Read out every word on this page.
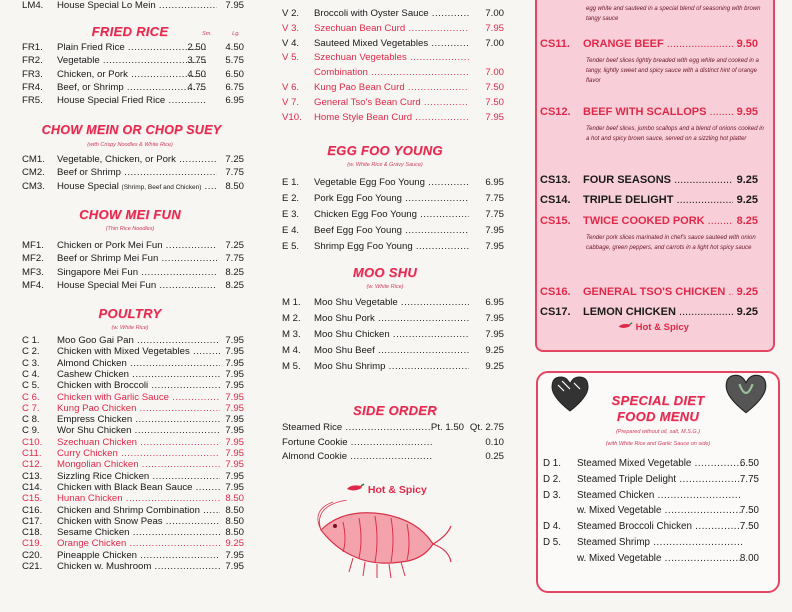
LM4. House Special Lo Mein .....	7.95
FRIED RICE	Sm.	Lg.
FR1. Plain Fried Rice .....	2.50	4.50
FR2. Vegetable .....	3.75	5.75
FR3. Chicken, or Pork .....	4.50	6.50
FR4. Beef, or Shrimp .....	4.75	6.75
FR5. House Special Fried Rice .....	6.95
CHOW MEIN OR CHOP SUEY
(with Crispy Noodles & White Rice)
CM1. Vegetable, Chicken, or Pork .....	7.25
CM2. Beef or Shrimp .....	7.75
CM3. House Special (Shrimp, Beef and Chicken) .....	8.50
CHOW MEI FUN
(Thin Rice Noodles)
MF1. Chicken or Pork Mei Fun .....	7.25
MF2. Beef or Shrimp Mei Fun .....	7.75
MF3. Singapore Mei Fun .....	8.25
MF4. House Special Mei Fun .....	8.25
POULTRY
(w. White Rice)
C 1. Moo Goo Gai Pan .....	7.95
C 2. Chicken with Mixed Vegetables .....	7.95
C 3. Almond Chicken .....	7.95
C 4. Cashew Chicken .....	7.95
C 5. Chicken with Broccoli .....	7.95
C 6. Chicken with Garlic Sauce .....	7.95
C 7. Kung Pao Chicken .....	7.95
C 8. Empress Chicken .....	7.95
C 9. Wor Shu Chicken .....	7.95
C10. Szechuan Chicken .....	7.95
C11. Curry Chicken .....	7.95
C12. Mongolian Chicken .....	7.95
C13. Sizzling Rice Chicken .....	7.95
C14. Chicken with Black Bean Sauce .....	7.95
C15. Hunan Chicken .....	8.50
C16. Chicken and Shrimp Combination .....	8.50
C17. Chicken with Snow Peas .....	8.50
C18. Sesame Chicken .....	8.50
C19. Orange Chicken .....	9.25
C20. Pineapple Chicken .....	7.95
C21. Chicken w. Mushroom .....	7.95
V 2. Broccoli with Oyster Sauce .....	7.00
V 3. Szechuan Bean Curd .....	7.95
V 4. Sauteed Mixed Vegetables .....	7.00
V 5. Szechuan Vegetables .....
Combination .....	7.00
V 6. Kung Pao Bean Curd .....	7.50
V 7. General Tso's Bean Curd .....	7.50
V10. Home Style Bean Curd .....	7.95
EGG FOO YOUNG
(w. White Rice & Gravy Sauce)
E 1. Vegetable Egg Foo Young .....	6.95
E 2. Pork Egg Foo Young .....	7.75
E 3. Chicken Egg Foo Young .....	7.75
E 4. Beef Egg Foo Young .....	7.95
E 5. Shrimp Egg Foo Young .....	7.95
MOO SHU
(w. White Rice)
M 1. Moo Shu Vegetable .....	6.95
M 2. Moo Shu Pork .....	7.95
M 3. Moo Shu Chicken .....	7.95
M 4. Moo Shu Beef .....	9.25
M 5. Moo Shu Shrimp .....	9.25
SIDE ORDER
Steamed Rice .....	Pt. 1.50 Qt. 2.75
Fortune Cookie .....	0.10
Almond Cookie .....	0.25
Hot & Spicy
egg white and sauteed in a special blend of seasoning with brown tangy sauce
CS11. ORANGE BEEF .....	9.50
Tender beef slices lightly breaded with egg white and cooked in a tangy, lightly sweet and spicy sauce with a distinct hint of orange flavor
CS12. BEEF WITH SCALLOPS .....	9.95
Tender beef slices, jumbo scallops and a blend of onions cooked in a hot and spicy brown sauce, served on a sizzling hot platter
CS13. FOUR SEASONS .....	9.25
CS14. TRIPLE DELIGHT .....	9.25
CS15. TWICE COOKED PORK .....	8.25
Tender pork slices marinated in chef's sauce sauteed with onion cabbage, green peppers, and carrots in a light hot spicy sauce
CS16. GENERAL TSO'S CHICKEN .....	9.25
CS17. LEMON CHICKEN .....	9.25
Hot & Spicy
SPECIAL DIET
FOOD MENU
(Prepared without oil, salt, M.S.G.)
(with White Rice and Garlic Sauce on side)
D 1. Steamed Mixed Vegetable .....	6.50
D 2. Steamed Triple Delight .....	7.75
D 3. Steamed Chicken .....
w. Mixed Vegetable .....	7.50
D 4. Steamed Broccoli Chicken .....	7.50
D 5. Steamed Shrimp .....
w. Mixed Vegetable .....	8.00
